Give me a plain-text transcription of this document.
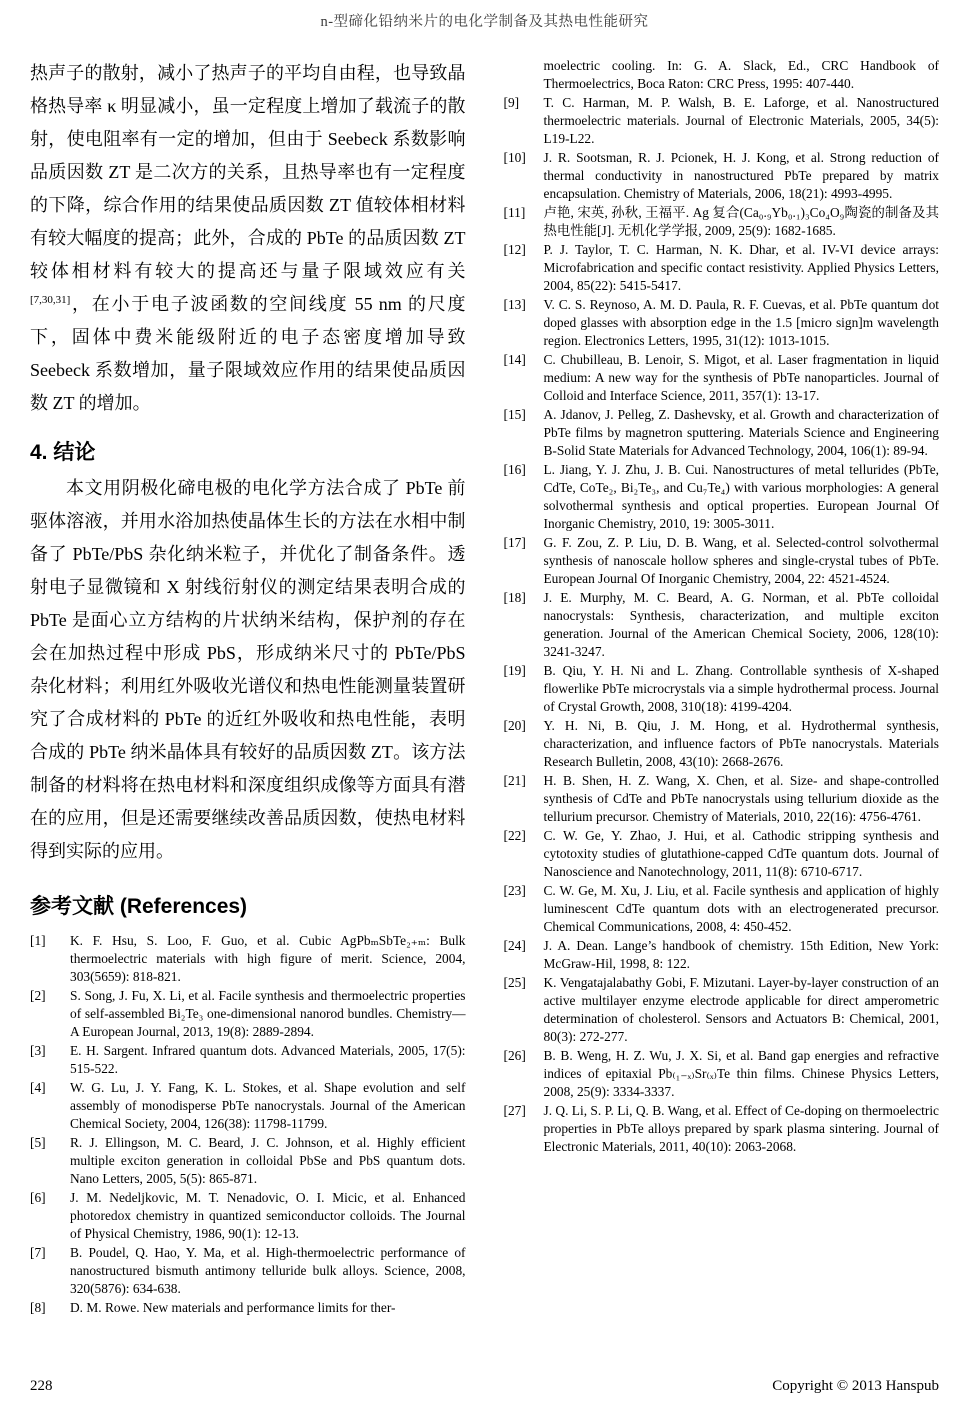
n-型碲化铅纳米片的电化学制备及其热电性能研究

热声子的散射，减小了热声子的平均自由程，也导致晶格热导率 κ 明显减小，虽一定程度上增加了载流子的散射，使电阻率有一定的增加，但由于 Seebeck 系数影响品质因数 ZT 是二次方的关系，且热导率也有一定程度的下降，综合作用的结果使品质因数 ZT 值较体相材料有较大幅度的提高；此外，合成的 PbTe 的品质因数 ZT 较体相材料有较大的提高还与量子限域效应有关[7,30,31]，在小于电子波函数的空间线度 55 nm 的尺度下，固体中费米能级附近的电子态密度增加导致 Seebeck 系数增加，量子限域效应作用的结果使品质因数 ZT 的增加。

4. 结论

本文用阴极化碲电极的电化学方法合成了 PbTe 前驱体溶液，并用水浴加热使晶体生长的方法在水相中制备了 PbTe/PbS 杂化纳米粒子，并优化了制备条件。透射电子显微镜和 X 射线衍射仪的测定结果表明合成的 PbTe 是面心立方结构的片状纳米结构，保护剂的存在会在加热过程中形成 PbS，形成纳米尺寸的 PbTe/PbS 杂化材料；利用红外吸收光谱仪和热电性能测量装置研究了合成材料的 PbTe 的近红外吸收和热电性能，表明合成的 PbTe 纳米晶体具有较好的品质因数 ZT。该方法制备的材料将在热电材料和深度组织成像等方面具有潜在的应用，但是还需要继续改善品质因数，使热电材料得到实际的应用。

参考文献 (References)
[1]	K. F. Hsu, S. Loo, F. Guo, et al. Cubic AgPbₘSbTe₂₊ₘ: Bulk thermoelectric materials with high figure of merit. Science, 2004, 303(5659): 818-821.
[2]	S. Song, J. Fu, X. Li, et al. Facile synthesis and thermoelectric properties of self-assembled Bi₂Te₃ one-dimensional nanorod bundles. Chemistry—A European Journal, 2013, 19(8): 2889-2894.
[3]	E. H. Sargent. Infrared quantum dots. Advanced Materials, 2005, 17(5): 515-522.
[4]	W. G. Lu, J. Y. Fang, K. L. Stokes, et al. Shape evolution and self assembly of monodisperse PbTe nanocrystals. Journal of the American Chemical Society, 2004, 126(38): 11798-11799.
[5]	R. J. Ellingson, M. C. Beard, J. C. Johnson, et al. Highly efficient multiple exciton generation in colloidal PbSe and PbS quantum dots. Nano Letters, 2005, 5(5): 865-871.
[6]	J. M. Nedeljkovic, M. T. Nenadovic, O. I. Micic, et al. Enhanced photoredox chemistry in quantized semiconductor colloids. The Journal of Physical Chemistry, 1986, 90(1): 12-13.
[7]	B. Poudel, Q. Hao, Y. Ma, et al. High-thermoelectric performance of nanostructured bismuth antimony telluride bulk alloys. Science, 2008, 320(5876): 634-638.
[8]	D. M. Rowe. New materials and performance limits for ther-
moelectric cooling. In: G. A. Slack, Ed., CRC Handbook of Thermoelectrics, Boca Raton: CRC Press, 1995: 407-440.
[9]	T. C. Harman, M. P. Walsh, B. E. Laforge, et al. Nanostructured thermoelectric materials. Journal of Electronic Materials, 2005, 34(5): L19-L22.
[10]	J. R. Sootsman, R. J. Pcionek, H. J. Kong, et al. Strong reduction of thermal conductivity in nanostructured PbTe prepared by matrix encapsulation. Chemistry of Materials, 2006, 18(21): 4993-4995.
[11]	卢艳, 宋英, 孙秋, 王福平. Ag 复合(Ca₀.₉Yb₀.₁)₃Co₄O₉陶瓷的制备及其热电性能[J]. 无机化学学报, 2009, 25(9): 1682-1685.
[12]	P. J. Taylor, T. C. Harman, N. K. Dhar, et al. IV-VI device arrays: Microfabrication and specific contact resistivity. Applied Physics Letters, 2004, 85(22): 5415-5417.
[13]	V. C. S. Reynoso, A. M. D. Paula, R. F. Cuevas, et al. PbTe quantum dot doped glasses with absorption edge in the 1.5 [micro sign]m wavelength region. Electronics Letters, 1995, 31(12): 1013-1015.
[14]	C. Chubilleau, B. Lenoir, S. Migot, et al. Laser fragmentation in liquid medium: A new way for the synthesis of PbTe nanoparticles. Journal of Colloid and Interface Science, 2011, 357(1): 13-17.
[15]	A. Jdanov, J. Pelleg, Z. Dashevsky, et al. Growth and characterization of PbTe films by magnetron sputtering. Materials Science and Engineering B-Solid State Materials for Advanced Technology, 2004, 106(1): 89-94.
[16]	L. Jiang, Y. J. Zhu, J. B. Cui. Nanostructures of metal tellurides (PbTe, CdTe, CoTe₂, Bi₂Te₃, and Cu₇Te₄) with various morphologies: A general solvothermal synthesis and optical properties. European Journal Of Inorganic Chemistry, 2010, 19: 3005-3011.
[17]	G. F. Zou, Z. P. Liu, D. B. Wang, et al. Selected-control solvothermal synthesis of nanoscale hollow spheres and single-crystal tubes of PbTe. European Journal Of Inorganic Chemistry, 2004, 22: 4521-4524.
[18]	J. E. Murphy, M. C. Beard, A. G. Norman, et al. PbTe colloidal nanocrystals: Synthesis, characterization, and multiple exciton generation. Journal of the American Chemical Society, 2006, 128(10): 3241-3247.
[19]	B. Qiu, Y. H. Ni and L. Zhang. Controllable synthesis of X-shaped flowerlike PbTe microcrystals via a simple hydrothermal process. Journal of Crystal Growth, 2008, 310(18): 4199-4204.
[20]	Y. H. Ni, B. Qiu, J. M. Hong, et al. Hydrothermal synthesis, characterization, and influence factors of PbTe nanocrystals. Materials Research Bulletin, 2008, 43(10): 2668-2676.
[21]	H. B. Shen, H. Z. Wang, X. Chen, et al. Size- and shape-controlled synthesis of CdTe and PbTe nanocrystals using tellurium dioxide as the tellurium precursor. Chemistry of Materials, 2010, 22(16): 4756-4761.
[22]	C. W. Ge, Y. Zhao, J. Hui, et al. Cathodic stripping synthesis and cytotoxity studies of glutathione-capped CdTe quantum dots. Journal of Nanoscience and Nanotechnology, 2011, 11(8): 6710-6717.
[23]	C. W. Ge, M. Xu, J. Liu, et al. Facile synthesis and application of highly luminescent CdTe quantum dots with an electrogenerated precursor. Chemical Communications, 2008, 4: 450-452.
[24]	J. A. Dean. Lange’s handbook of chemistry. 15th Edition, New York: McGraw-Hil, 1998, 8: 122.
[25]	K. Vengatajalabathy Gobi, F. Mizutani. Layer-by-layer construction of an active multilayer enzyme electrode applicable for direct amperometric determination of cholesterol. Sensors and Actuators B: Chemical, 2001, 80(3): 272-277.
[26]	B. B. Weng, H. Z. Wu, J. X. Si, et al. Band gap energies and refractive indices of epitaxial Pb₍₁₋ₓ₎Sr₍ₓ₎Te thin films. Chinese Physics Letters, 2008, 25(9): 3334-3337.
[27]	J. Q. Li, S. P. Li, Q. B. Wang, et al. Effect of Ce-doping on thermoelectric properties in PbTe alloys prepared by spark plasma sintering. Journal of Electronic Materials, 2011, 40(10): 2063-2068.
228	Copyright © 2013 Hanspub
